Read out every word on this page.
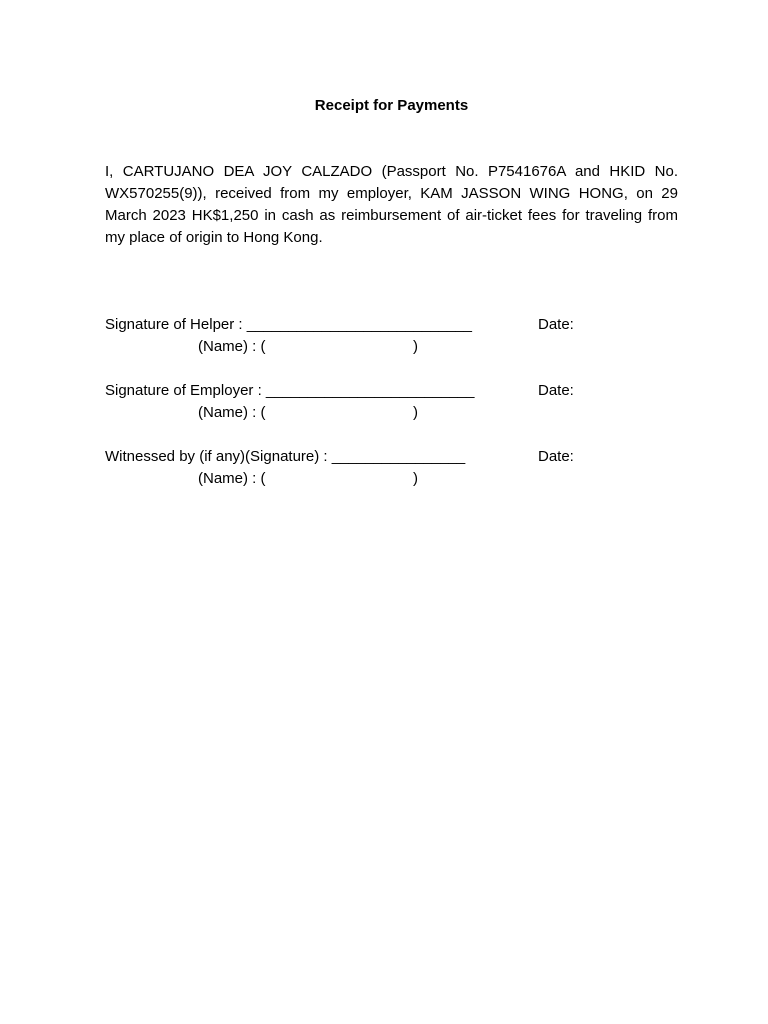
Receipt for Payments

I, CARTUJANO DEA JOY CALZADO (Passport No. P7541676A and HKID No. WX570255(9)), received from my employer, KAM JASSON WING HONG, on 29 March 2023 HK$1,250 in cash as reimbursement of air-ticket fees for traveling from my place of origin to Hong Kong.

Signature of Helper : ___________________________	Date:
(Name) : (	)
Signature of Employer : _________________________	Date:
(Name) : (	)
Witnessed by (if any)(Signature) : ________________	Date:
(Name) : (	)
